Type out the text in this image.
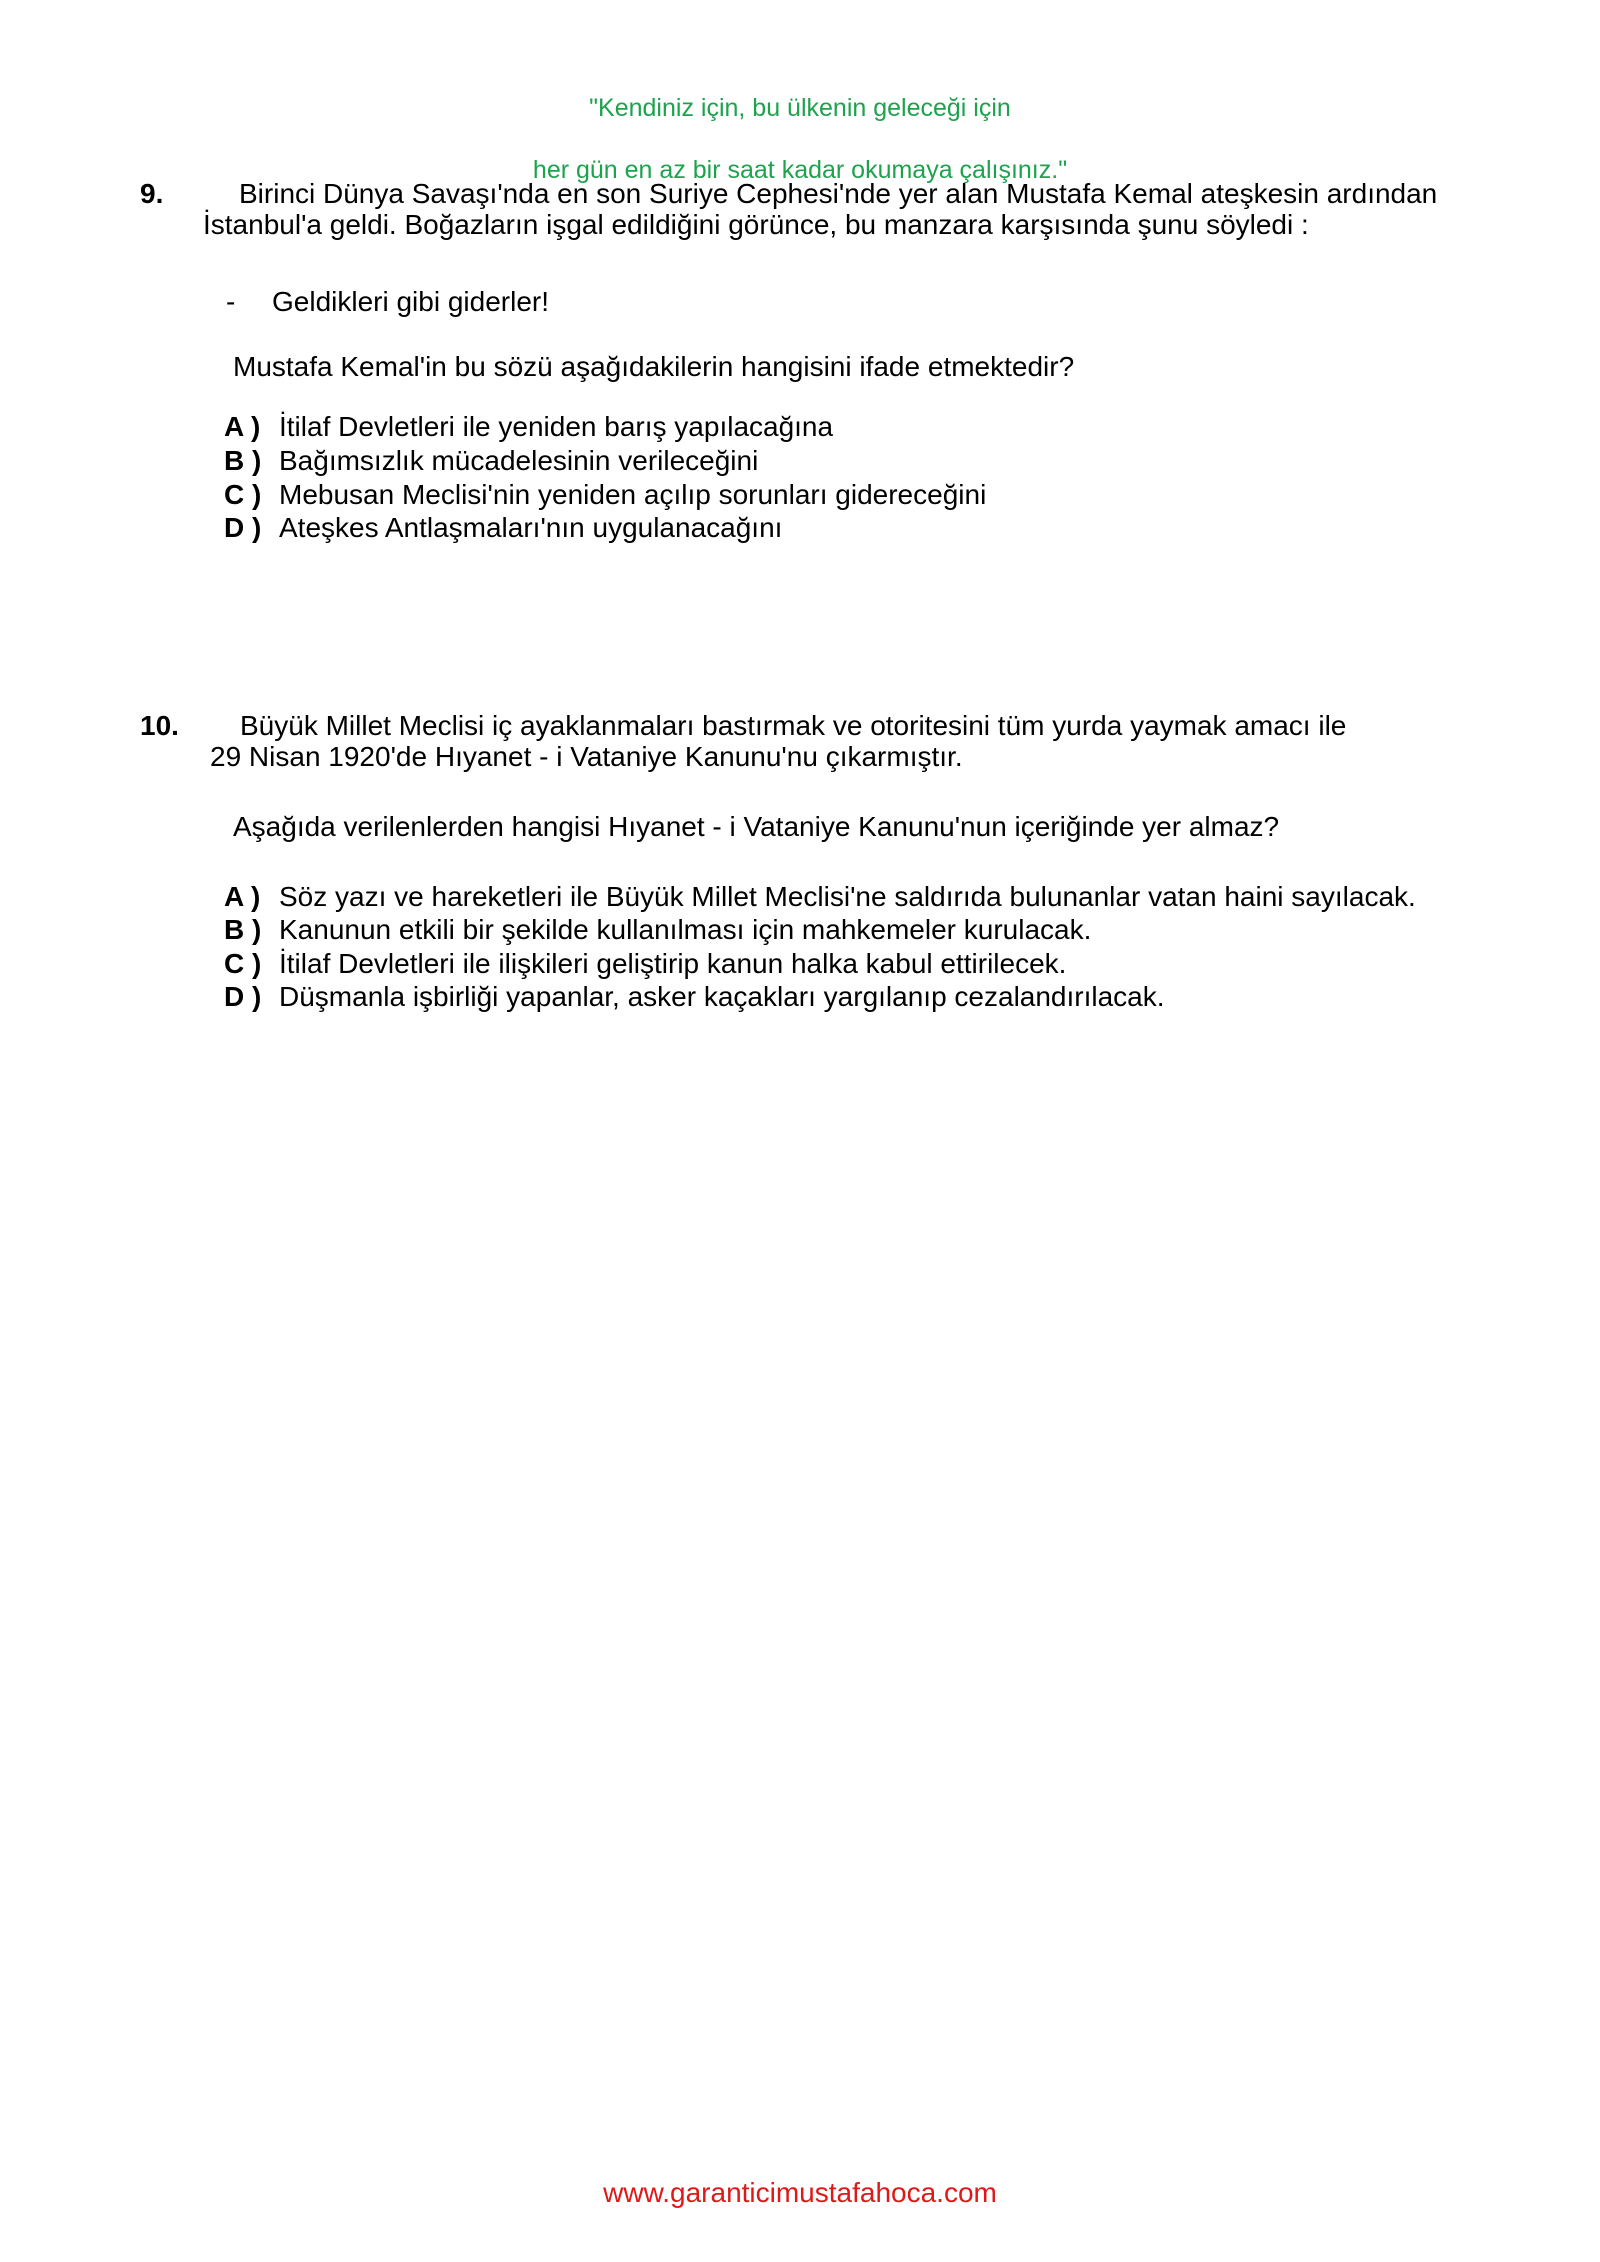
"Kendiniz için, bu ülkenin geleceği için

her gün en az bir saat kadar okumaya çalışınız."

9.	Birinci Dünya Savaşı'nda en son Suriye Cephesi'nde yer alan Mustafa Kemal ateşkesin ardından
İstanbul'a geldi. Boğazların işgal edildiğini görünce, bu manzara karşısında şunu söyledi :
- Geldikleri gibi giderler!
Mustafa Kemal'in bu sözü aşağıdakilerin hangisini ifade etmektedir?
A ) İtilaf Devletleri ile yeniden barış yapılacağına
B ) Bağımsızlık mücadelesinin verileceğini
C ) Mebusan Meclisi'nin yeniden açılıp sorunları gidereceğini
D ) Ateşkes Antlaşmaları'nın uygulanacağını
10. Büyük Millet Meclisi iç ayaklanmaları bastırmak ve otoritesini tüm yurda yaymak amacı ile
29 Nisan 1920'de Hıyanet - i Vataniye Kanunu'nu çıkarmıştır.
Aşağıda verilenlerden hangisi Hıyanet - i Vataniye Kanunu'nun içeriğinde yer almaz?
A ) Söz yazı ve hareketleri ile Büyük Millet Meclisi'ne saldırıda bulunanlar vatan haini sayılacak.
B ) Kanunun etkili bir şekilde kullanılması için mahkemeler kurulacak.
C ) İtilaf Devletleri ile ilişkileri geliştirip kanun halka kabul ettirilecek.
D ) Düşmanla işbirliği yapanlar, asker kaçakları yargılanıp cezalandırılacak.
www.garanticimustafahoca.com
